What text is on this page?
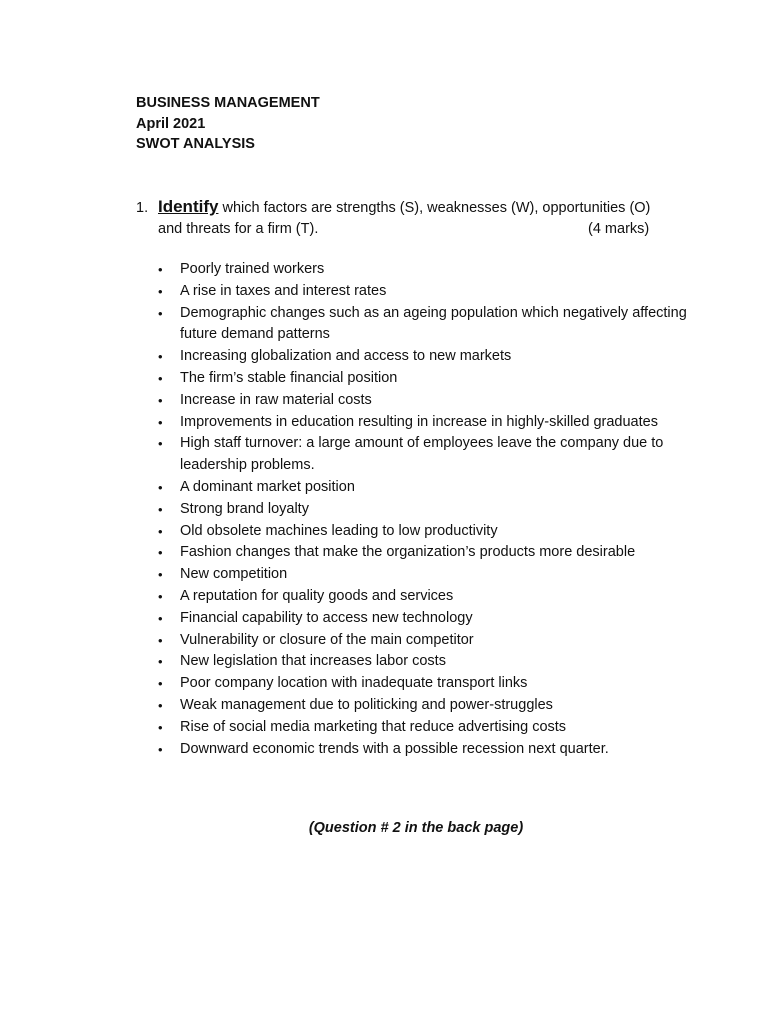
BUSINESS MANAGEMENT
April 2021
SWOT ANALYSIS
1. Identify which factors are strengths (S), weaknesses (W), opportunities (O)
and threats for a firm (T).	(4 marks)
• Poorly trained workers
• A rise in taxes and interest rates
• Demographic changes such as an ageing population which negatively affecting future demand patterns
• Increasing globalization and access to new markets
• The firm’s stable financial position
• Increase in raw material costs
• Improvements in education resulting in increase in highly-skilled graduates
• High staff turnover: a large amount of employees leave the company due to leadership problems.
• A dominant market position
• Strong brand loyalty
• Old obsolete machines leading to low productivity
• Fashion changes that make the organization’s products more desirable
• New competition
• A reputation for quality goods and services
• Financial capability to access new technology
• Vulnerability or closure of the main competitor
• New legislation that increases labor costs
• Poor company location with inadequate transport links
• Weak management due to politicking and power-struggles
• Rise of social media marketing that reduce advertising costs
• Downward economic trends with a possible recession next quarter.
(Question # 2 in the back page)
